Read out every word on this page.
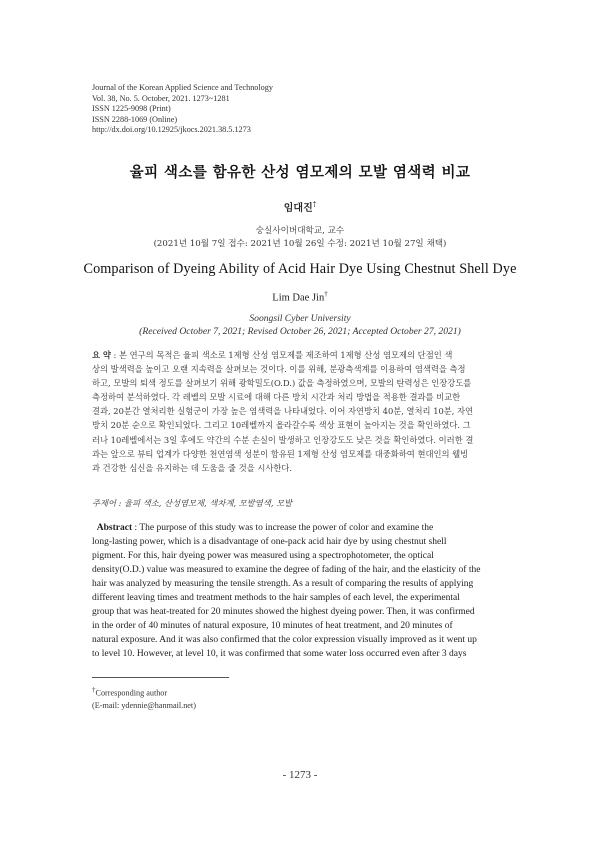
Journal of the Korean Applied Science and Technology
Vol. 38, No. 5. October, 2021. 1273~1281
ISSN 1225-9098 (Print)
ISSN 2288-1069 (Online)
http://dx.doi.org/10.12925/jkocs.2021.38.5.1273
율피 색소를 함유한 산성 염모제의 모발 염색력 비교
임대진†
숭실사이버대학교, 교수
(2021년 10월 7일 접수: 2021년 10월 26일 수정: 2021년 10월 27일 채택)
Comparison of Dyeing Ability of Acid Hair Dye Using Chestnut Shell Dye
Lim Dae Jin†
Soongsil Cyber University
(Received October 7, 2021; Revised October 26, 2021; Accepted October 27, 2021)
요 약 : 본 연구의 목적은 율피 색소로 1제형 산성 염모제를 제조하여 1제형 산성 염모제의 단점인 색
상의 발색력을 높이고 오랜 지속력을 살펴보는 것이다. 이를 위해, 분광측색계를 이용하여 염색력을 측정
하고, 모발의 퇴색 정도를 살펴보기 위해 광학밀도(O.D.) 값을 측정하였으며, 모발의 탄력성은 인장강도를
측정하여 분석하였다. 각 레벨의 모발 시료에 대해 다른 방치 시간과 처리 방법을 적용한 결과를 비교한
결과, 20분간 열처리한 실험군이 가장 높은 염색력을 나타내었다. 이어 자연방치 40분, 열처리 10분, 자연
방치 20분 순으로 확인되었다. 그리고 10레벨까지 올라갈수록 색상 표현이 높아지는 것을 확인하였다. 그
러나 10레벨에서는 3일 후에도 약간의 수분 손실이 발생하고 인장강도도 낮은 것을 확인하였다. 이러한 결
과는 앞으로 뷰티 업계가 다양한 천연염색 성분이 함유된 1제형 산성 염모제를 대중화하여 현대인의 웰빙
과 건강한 심신을 유지하는 데 도움을 줄 것을 시사한다.
주제어 : 율피 색소, 산성염모제, 색차계, 모발염색, 모발
Abstract : The purpose of this study was to increase the power of color and examine the
long-lasting power, which is a disadvantage of one-pack acid hair dye by using chestnut shell
pigment. For this, hair dyeing power was measured using a spectrophotometer, the optical
density(O.D.) value was measured to examine the degree of fading of the hair, and the elasticity of the
hair was analyzed by measuring the tensile strength. As a result of comparing the results of applying
different leaving times and treatment methods to the hair samples of each level, the experimental
group that was heat-treated for 20 minutes showed the highest dyeing power. Then, it was confirmed
in the order of 40 minutes of natural exposure, 10 minutes of heat treatment, and 20 minutes of
natural exposure. And it was also confirmed that the color expression visually improved as it went up
to level 10. However, at level 10, it was confirmed that some water loss occurred even after 3 days
†Corresponding author
(E-mail: ydennie@hanmail.net)
- 1273 -
